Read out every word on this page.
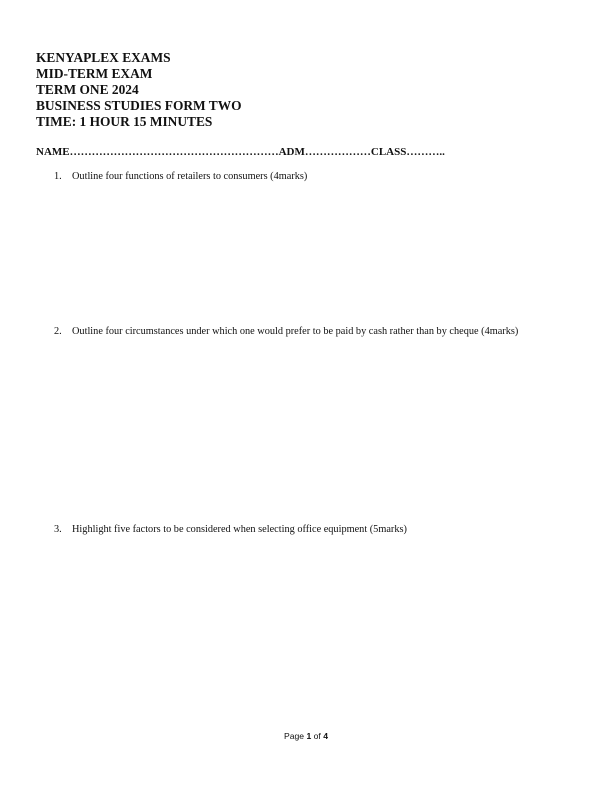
KENYAPLEX EXAMS
MID-TERM EXAM
TERM ONE 2024
BUSINESS STUDIES FORM TWO
TIME: 1 HOUR 15 MINUTES
NAME…………………………………………………ADM………………CLASS………..
1. Outline four functions of retailers to consumers (4marks)
2. Outline four circumstances under which one would prefer to be paid by cash rather than by cheque (4marks)
3. Highlight five factors to be considered when selecting office equipment (5marks)
Page 1 of 4
